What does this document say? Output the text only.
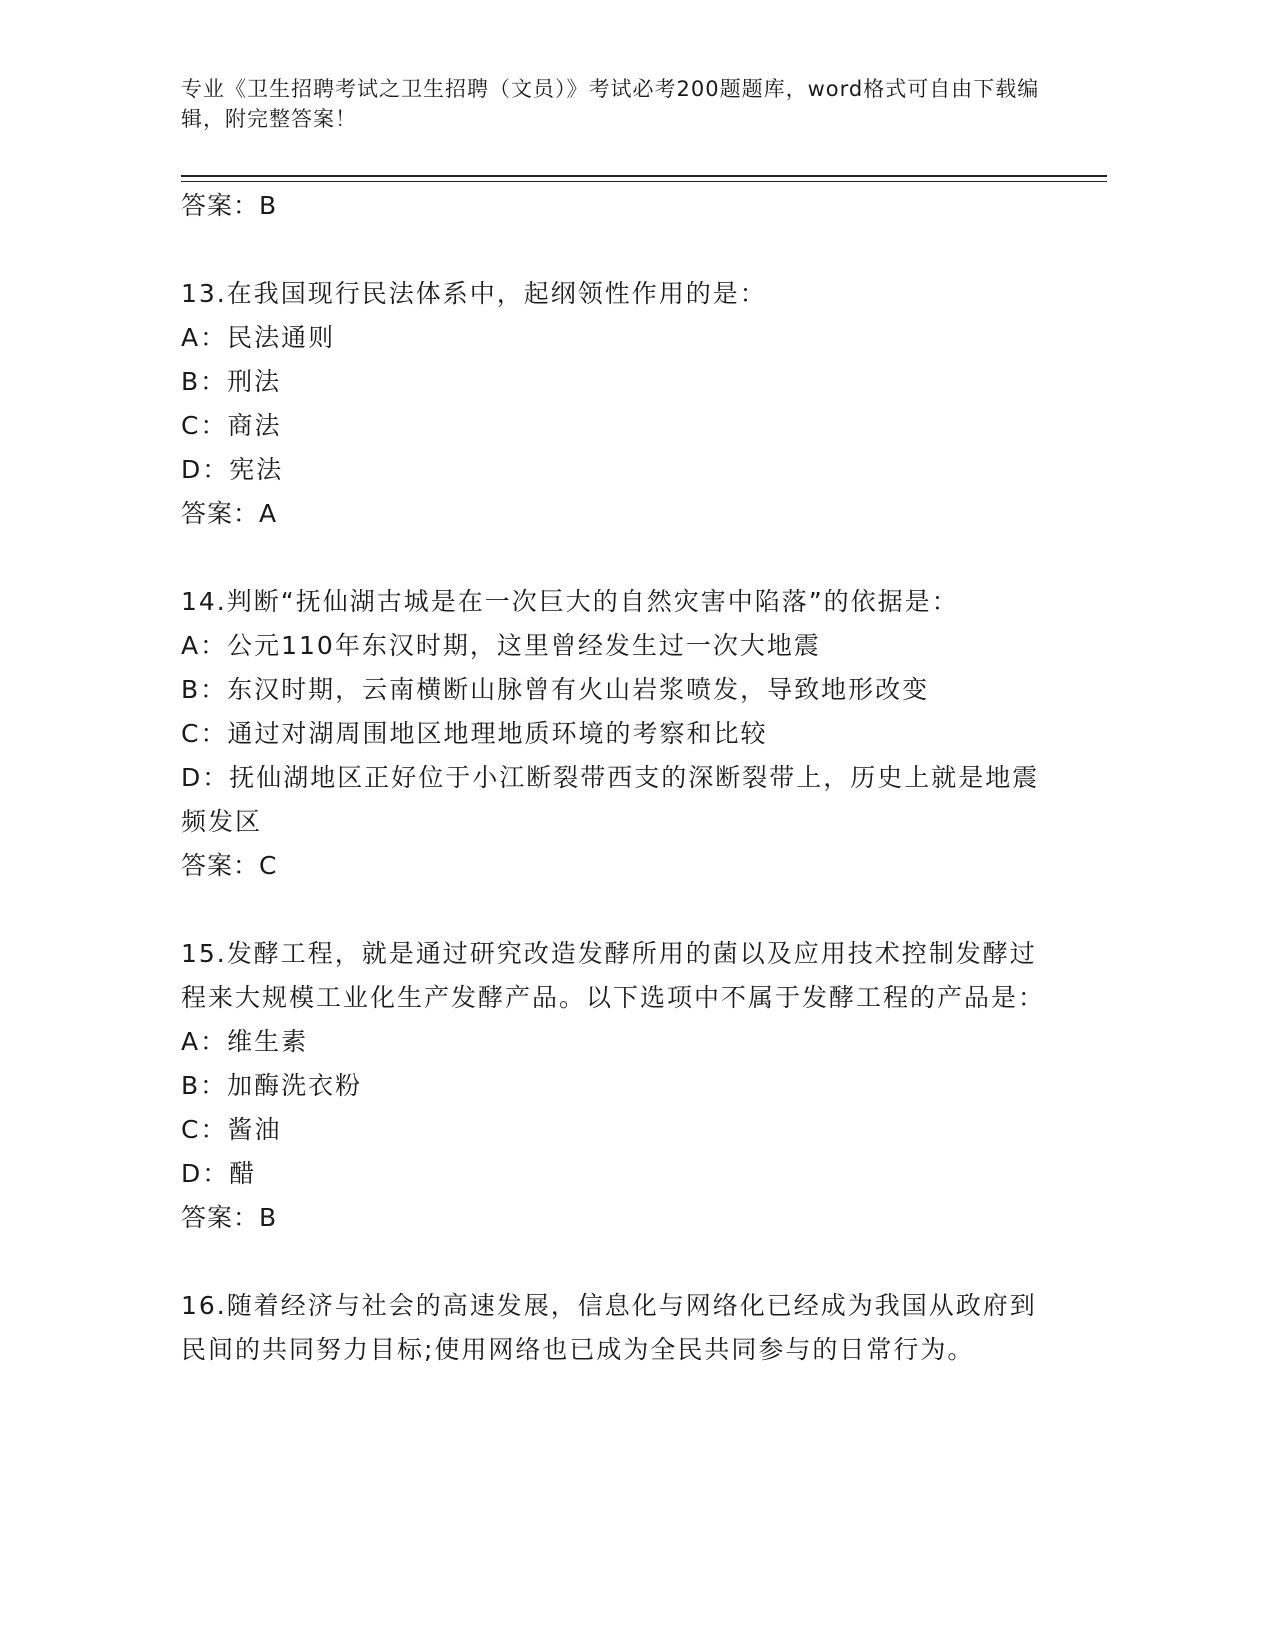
专业《卫生招聘考试之卫生招聘（文员）》考试必考200题题库，word格式可自由下载编辑，附完整答案！
答案：B
13.在我国现行民法体系中，起纲领性作用的是：
A：民法通则
B：刑法
C：商法
D：宪法
答案：A
14.判断“抚仙湖古城是在一次巨大的自然灾害中陷落”的依据是：
A：公元110年东汉时期，这里曾经发生过一次大地震
B：东汉时期，云南横断山脉曾有火山岩浆喷发，导致地形改变
C：通过对湖周围地区地理地质环境的考察和比较
D：抚仙湖地区正好位于小江断裂带西支的深断裂带上，历史上就是地震频发区
答案：C
15.发酵工程，就是通过研究改造发酵所用的菌以及应用技术控制发酵过程来大规模工业化生产发酵产品。以下选项中不属于发酵工程的产品是：
A：维生素
B：加酶洗衣粉
C：酱油
D：醋
答案：B
16.随着经济与社会的高速发展，信息化与网络化已经成为我国从政府到民间的共同努力目标;使用网络也已成为全民共同参与的日常行为。
